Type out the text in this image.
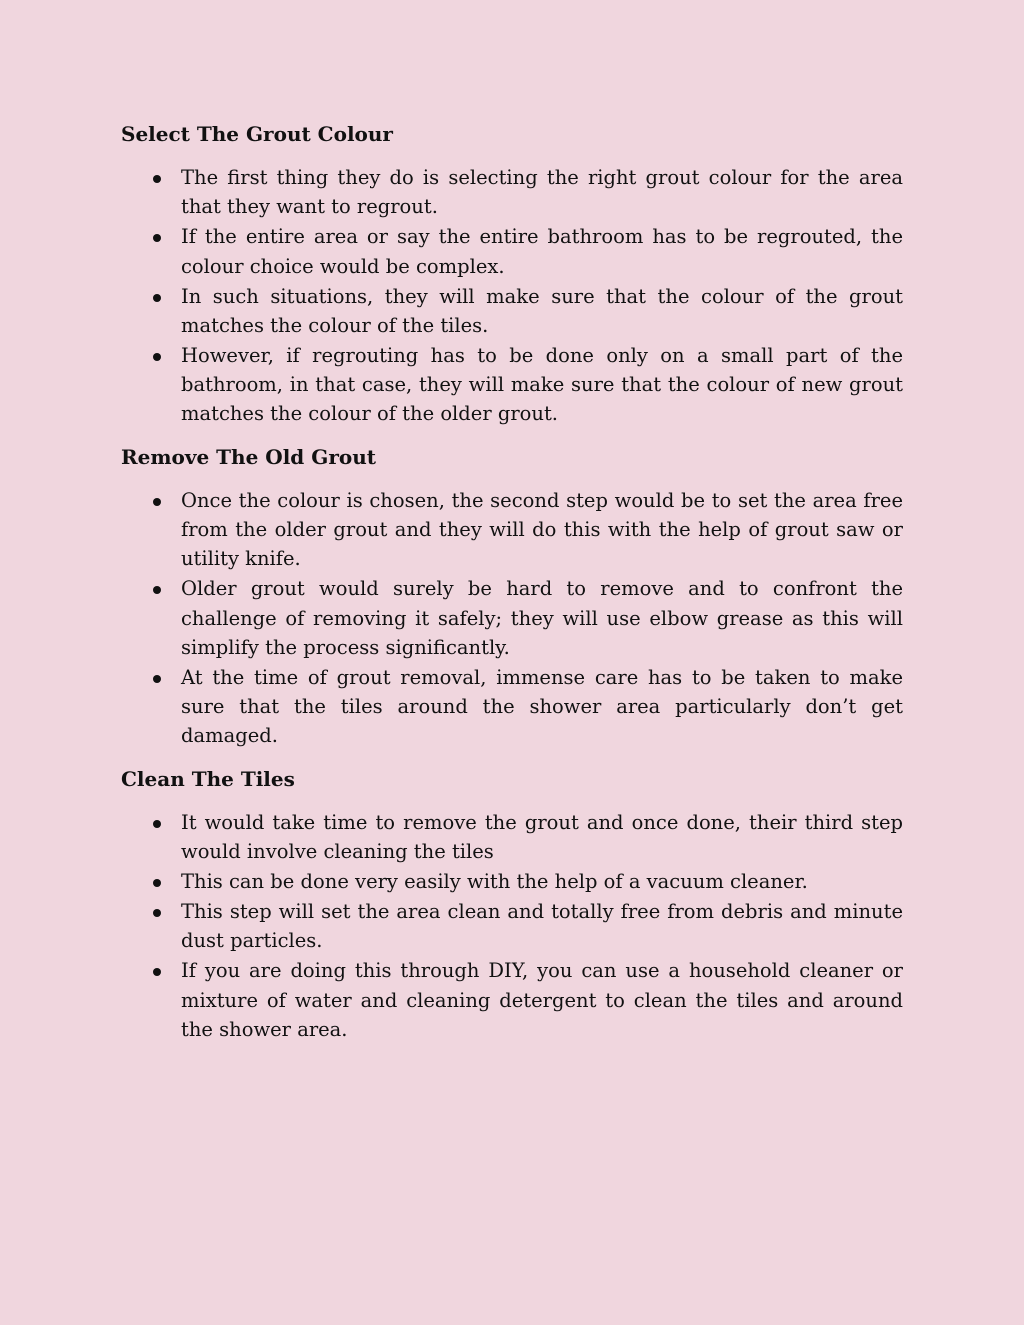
Select The Grout Colour
The first thing they do is selecting the right grout colour for the area that they want to regrout.
If the entire area or say the entire bathroom has to be regrouted, the colour choice would be complex.
In such situations, they will make sure that the colour of the grout matches the colour of the tiles.
However, if regrouting has to be done only on a small part of the bathroom, in that case, they will make sure that the colour of new grout matches the colour of the older grout.
Remove The Old Grout
Once the colour is chosen, the second step would be to set the area free from the older grout and they will do this with the help of grout saw or utility knife.
Older grout would surely be hard to remove and to confront the challenge of removing it safely; they will use elbow grease as this will simplify the process significantly.
At the time of grout removal, immense care has to be taken to make sure that the tiles around the shower area particularly don’t get damaged.
Clean The Tiles
It would take time to remove the grout and once done, their third step would involve cleaning the tiles
This can be done very easily with the help of a vacuum cleaner.
This step will set the area clean and totally free from debris and minute dust particles.
If you are doing this through DIY, you can use a household cleaner or mixture of water and cleaning detergent to clean the tiles and around the shower area.
